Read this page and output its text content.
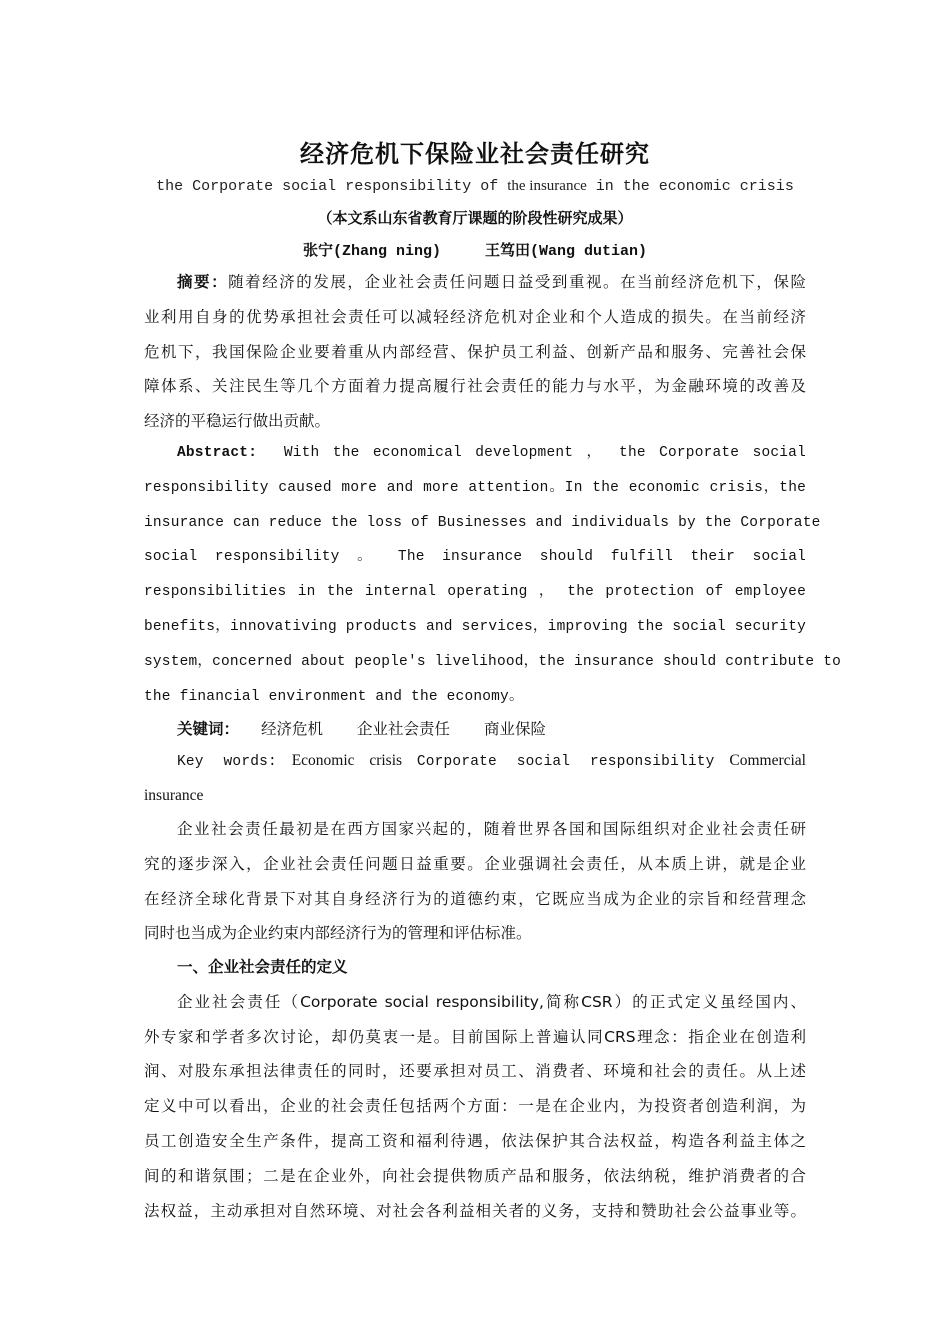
经济危机下保险业社会责任研究
the Corporate social responsibility of the insurance in the economic crisis
（本文系山东省教育厅课题的阶段性研究成果）
张宁(Zhang ning)	王笃田(Wang dutian)
摘要：随着经济的发展，企业社会责任问题日益受到重视。在当前经济危机下，保险
业利用自身的优势承担社会责任可以减轻经济危机对企业和个人造成的损失。在当前经济
危机下，我国保险企业要着重从内部经营、保护员工利益、创新产品和服务、完善社会保
障体系、关注民生等几个方面着力提高履行社会责任的能力与水平，为金融环境的改善及
经济的平稳运行做出贡献。
Abstract: With the economical development ， the Corporate social
responsibility caused more and more attention。In the economic crisis，the
insurance can reduce the loss of Businesses and individuals by the Corporate
social responsibility 。 The insurance should fulfill their social
responsibilities in the internal operating ， the protection of employee
benefits，innovativing products and services，improving the social security
system，concerned about people's livelihood，the insurance should contribute to
the financial environment and the economy。
关键词： 经济危机 企业社会责任 商业保险
Key words: Economic crisis Corporate social responsibility Commercial
insurance
企业社会责任最初是在西方国家兴起的，随着世界各国和国际组织对企业社会责任研
究的逐步深入，企业社会责任问题日益重要。企业强调社会责任，从本质上讲，就是企业
在经济全球化背景下对其自身经济行为的道德约束，它既应当成为企业的宗旨和经营理念
同时也当成为企业约束内部经济行为的管理和评估标准。
一、企业社会责任的定义
企业社会责任（Corporate social responsibility,简称CSR）的正式定义虽经国内、
外专家和学者多次讨论，却仍莫衷一是。目前国际上普遍认同CRS理念：指企业在创造利
润、对股东承担法律责任的同时，还要承担对员工、消费者、环境和社会的责任。从上述
定义中可以看出，企业的社会责任包括两个方面：一是在企业内，为投资者创造利润，为
员工创造安全生产条件，提高工资和福利待遇，依法保护其合法权益，构造各利益主体之
间的和谐氛围；二是在企业外，向社会提供物质产品和服务，依法纳税，维护消费者的合
法权益，主动承担对自然环境、对社会各利益相关者的义务，支持和赞助社会公益事业等。
